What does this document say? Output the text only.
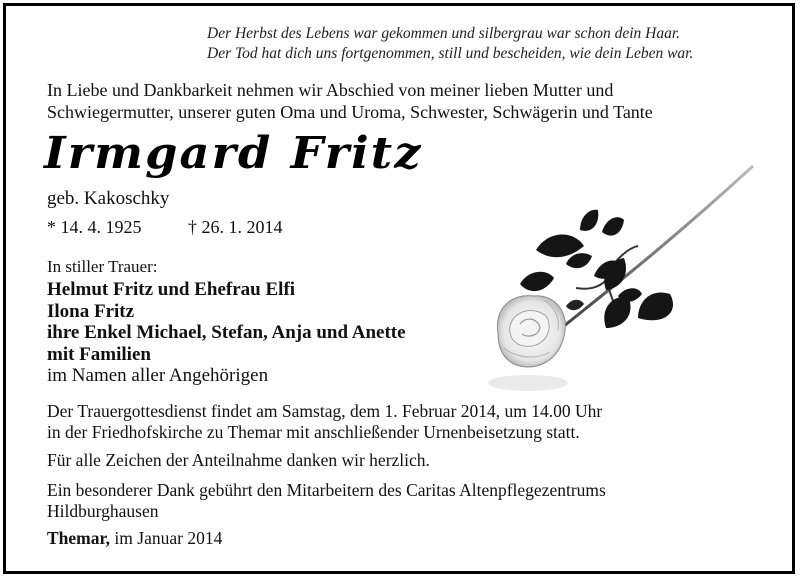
Der Herbst des Lebens war gekommen und silbergrau war schon dein Haar.
Der Tod hat dich uns fortgenommen, still und bescheiden, wie dein Leben war.
In Liebe und Dankbarkeit nehmen wir Abschied von meiner lieben Mutter und
Schwiegermutter, unserer guten Oma und Uroma, Schwester, Schwägerin und Tante
Irmgard Fritz
geb. Kakoschky
* 14. 4. 1925	† 26. 1. 2014
In stiller Trauer:
Helmut Fritz und Ehefrau Elfi
Ilona Fritz
ihre Enkel Michael, Stefan, Anja und Anette
mit Familien
im Namen aller Angehörigen
Der Trauergottesdienst findet am Samstag, dem 1. Februar 2014, um 14.00 Uhr
in der Friedhofskirche zu Themar mit anschließender Urnenbeisetzung statt.
Für alle Zeichen der Anteilnahme danken wir herzlich.
Ein besonderer Dank gebührt den Mitarbeitern des Caritas Altenpflegezentrums
Hildburghausen
Themar, im Januar 2014
